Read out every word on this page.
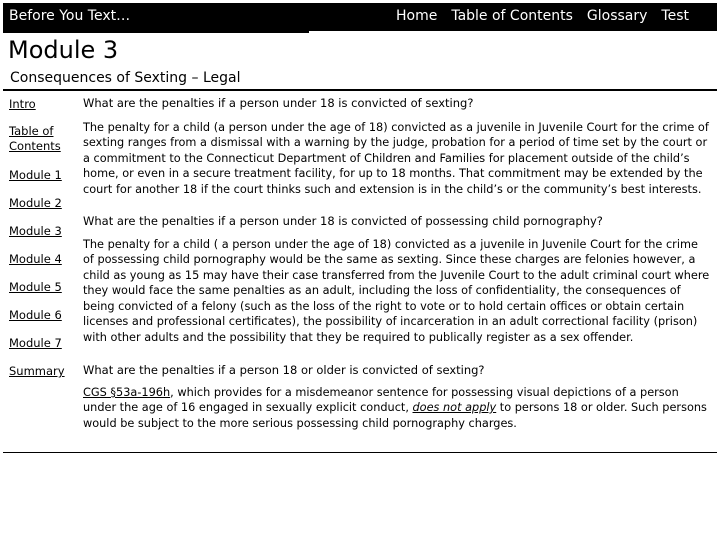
Before You Text…	Home Table of Contents Glossary Test
Module 3
Consequences of Sexting – Legal
Intro
Table of Contents
Module 1
Module 2
Module 3
Module 4
Module 5
Module 6
Module 7
Summary

What are the penalties if a person under 18 is convicted of sexting?

The penalty for a child (a person under the age of 18) convicted as a juvenile in Juvenile Court for the crime of sexting ranges from a dismissal with a warning by the judge, probation for a period of time set by the court or a commitment to the Connecticut Department of Children and Families for placement outside of the child’s home, or even in a secure treatment facility, for up to 18 months. That commitment may be extended by the court for another 18 if the court thinks such and extension is in the child’s or the community’s best interests.

What are the penalties if a person under 18 is convicted of possessing child pornography?

The penalty for a child ( a person under the age of 18) convicted as a juvenile in Juvenile Court for the crime of possessing child pornography would be the same as sexting. Since these charges are felonies however, a child as young as 15 may have their case transferred from the Juvenile Court to the adult criminal court where they would face the same penalties as an adult, including the loss of confidentiality, the consequences of being convicted of a felony (such as the loss of the right to vote or to hold certain offices or obtain certain licenses and professional certificates), the possibility of incarceration in an adult correctional facility (prison) with other adults and the possibility that they be required to publically register as a sex offender.

What are the penalties if a person 18 or older is convicted of sexting?

CGS §53a-196h, which provides for a misdemeanor sentence for possessing visual depictions of a person under the age of 16 engaged in sexually explicit conduct, does not apply to persons 18 or older. Such persons would be subject to the more serious possessing child pornography charges.
